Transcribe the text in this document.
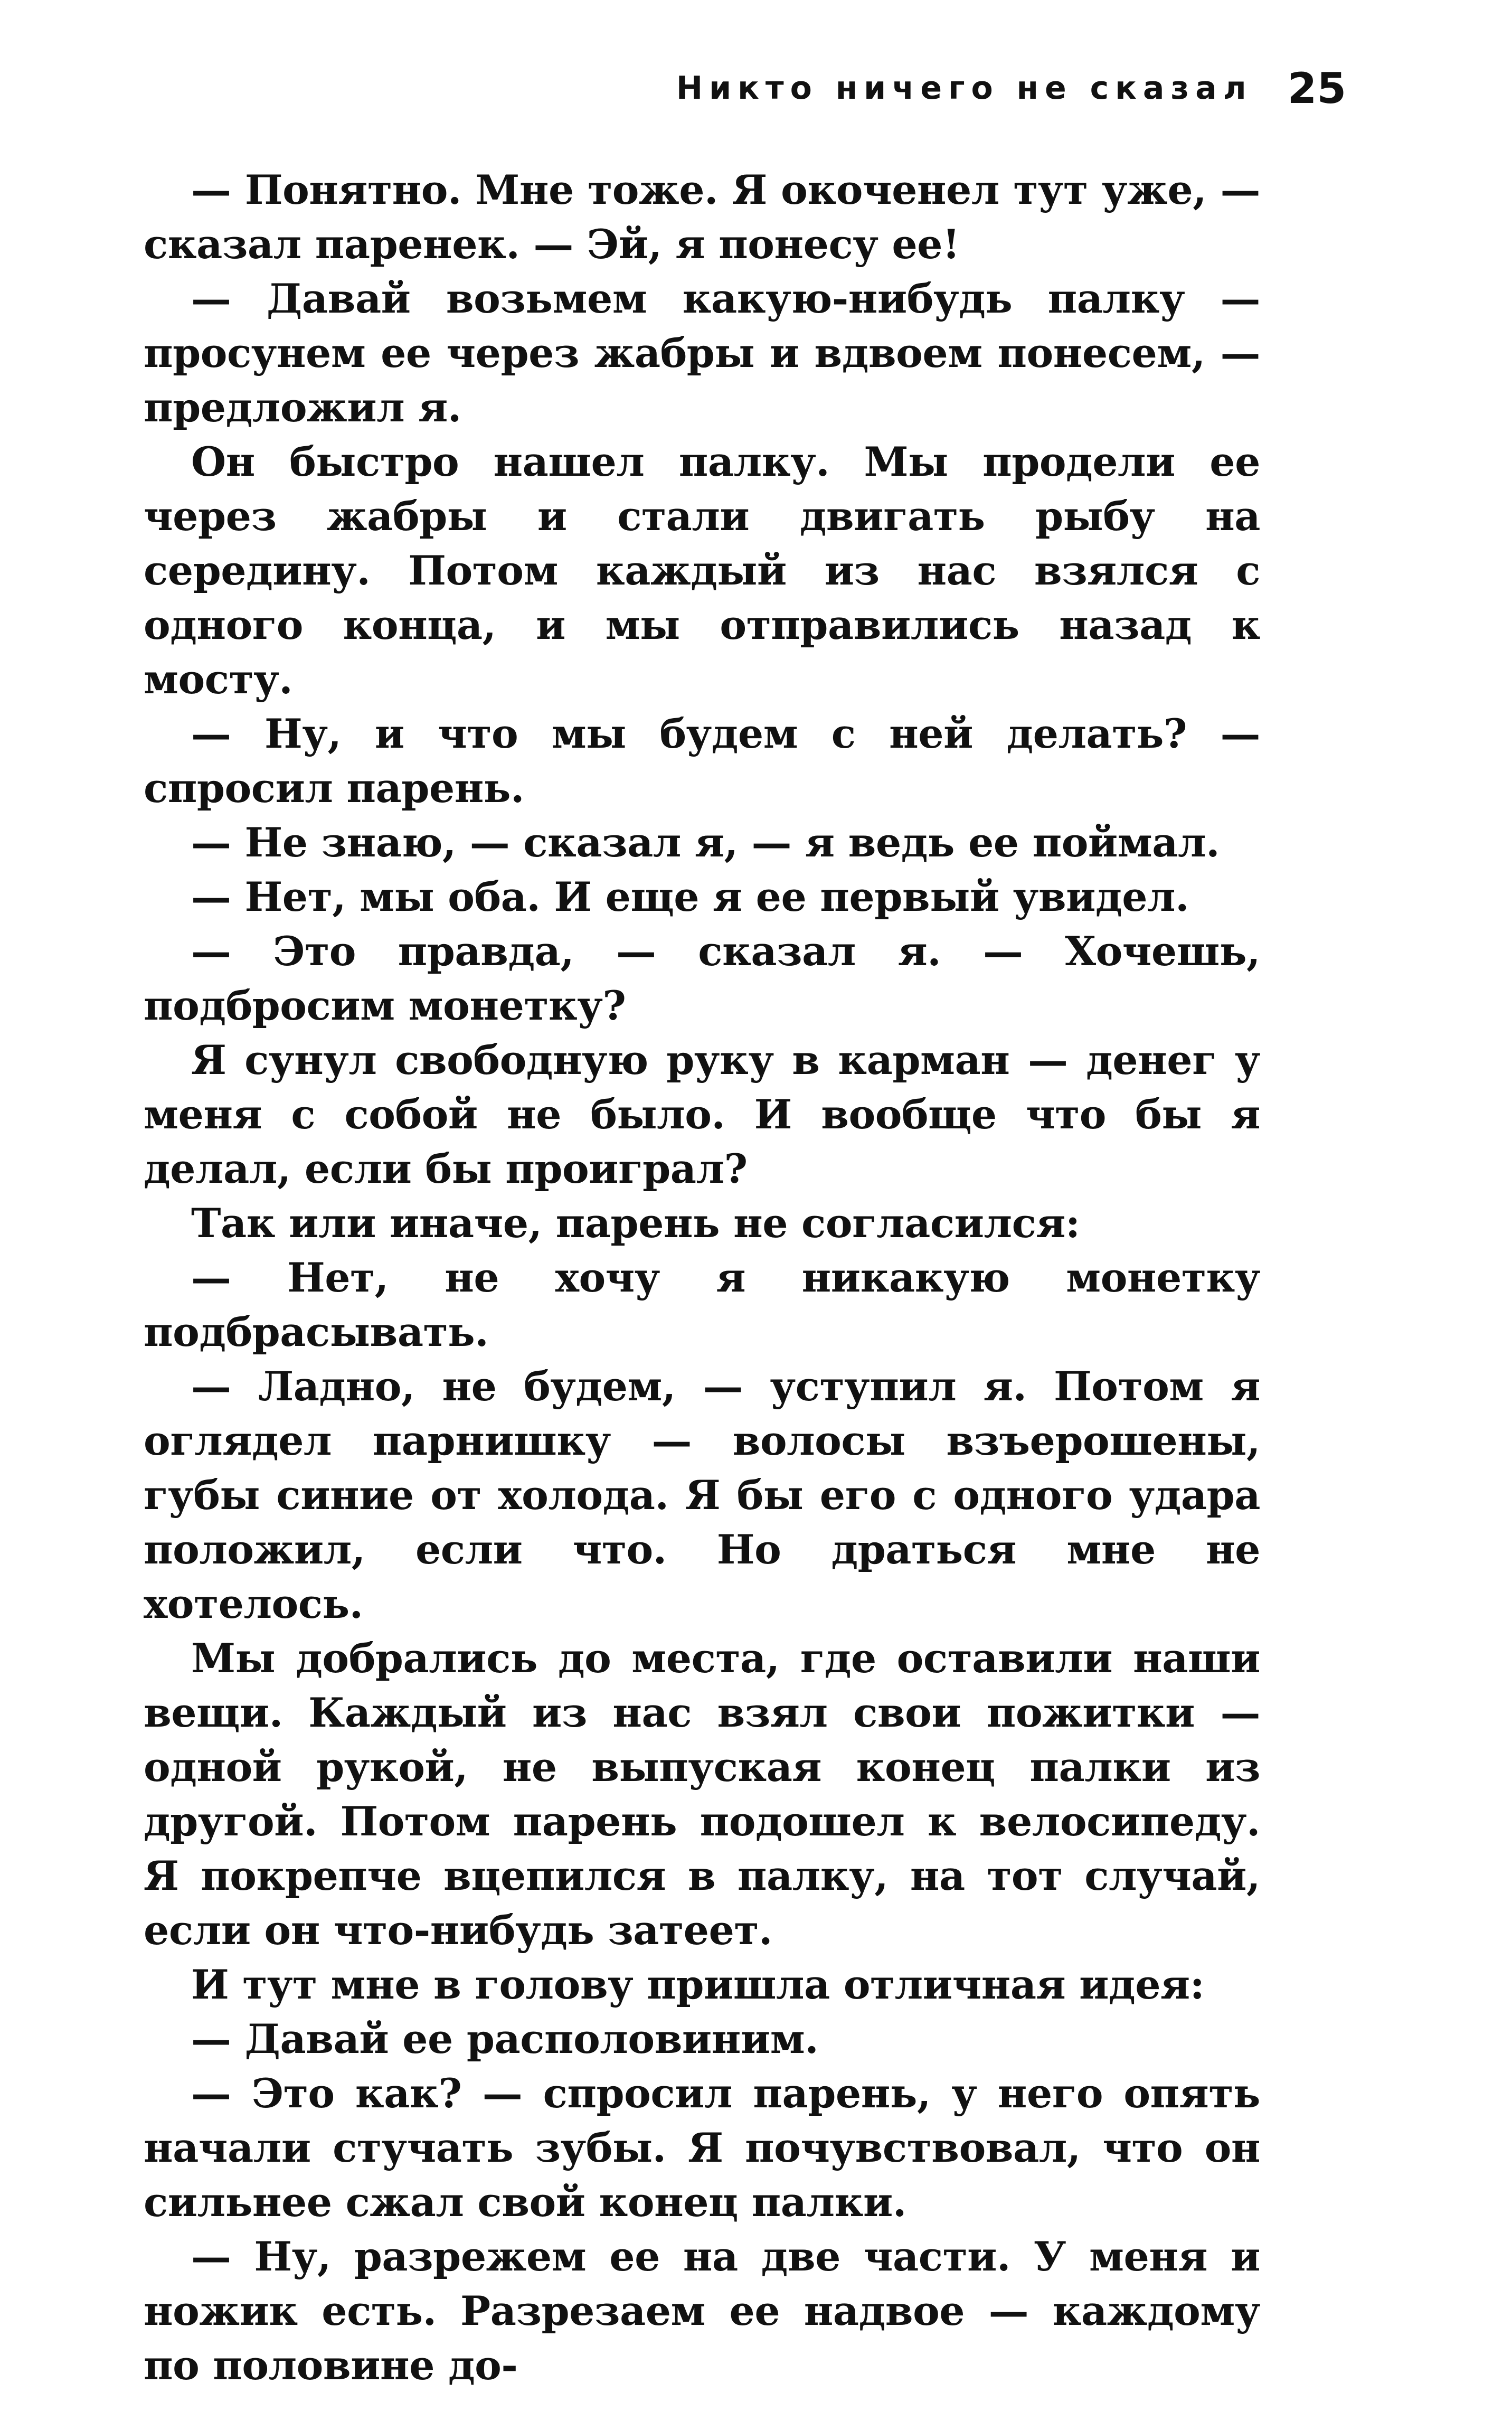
Никто ничего не сказал 25

— Понятно. Мне тоже. Я окоченел тут уже, — сказал паренек. — Эй, я понесу ее!

— Давай возьмем какую-нибудь палку — просунем ее через жабры и вдвоем понесем, — предложил я.

Он быстро нашел палку. Мы продели ее через жабры и стали двигать рыбу на середину. Потом каждый из нас взялся с одного конца, и мы отправились назад к мосту.

— Ну, и что мы будем с ней делать? — спросил парень.

— Не знаю, — сказал я, — я ведь ее поймал.

— Нет, мы оба. И еще я ее первый увидел.

— Это правда, — сказал я. — Хочешь, подбросим монетку?

Я сунул свободную руку в карман — денег у меня с собой не было. И вообще что бы я делал, если бы проиграл?

Так или иначе, парень не согласился:

— Нет, не хочу я никакую монетку подбрасывать.

— Ладно, не будем, — уступил я. Потом я оглядел парнишку — волосы взъерошены, губы синие от холода. Я бы его с одного удара положил, если что. Но драться мне не хотелось.

Мы добрались до места, где оставили наши вещи. Каждый из нас взял свои пожитки — одной рукой, не выпуская конец палки из другой. Потом парень подошел к велосипеду. Я покрепче вцепился в палку, на тот случай, если он что-нибудь затеет.

И тут мне в голову пришла отличная идея:

— Давай ее располовиним.

— Это как? — спросил парень, у него опять начали стучать зубы. Я почувствовал, что он сильнее сжал свой конец палки.

— Ну, разрежем ее на две части. У меня и ножик есть. Разрезаем ее надвое — каждому по половине до-
